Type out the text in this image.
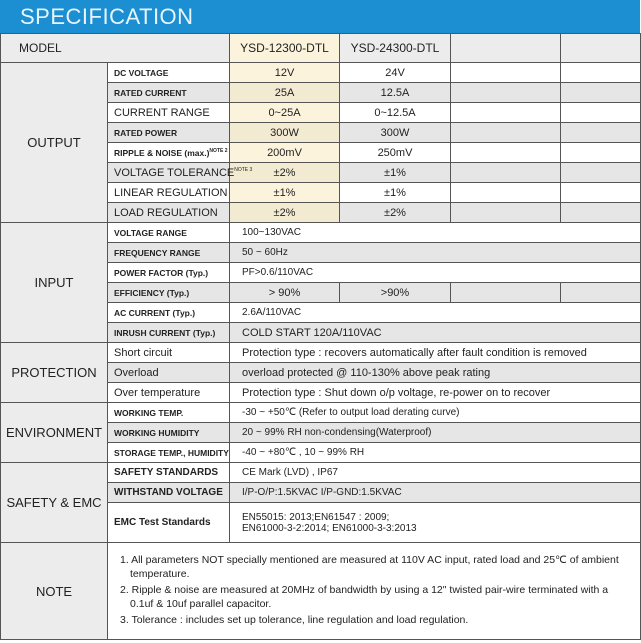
SPECIFICATION
MODEL		YSD-12300-DTL	YSD-24300-DTL		
OUTPUT	DC VOLTAGE	12V	24V		
	RATED CURRENT	25A	12.5A		
	CURRENT RANGE	0~25A	0~12.5A		
	RATED POWER	300W	300W		
	RIPPLE & NOISE $(\max.)^{NOTE 2}$	200mV	250mV		
	VOLTAGE $TOLERANCE^{NOTE 3}$	±2%	±1%		
	LINEAR REGULATION	±1%	±1%		
	LOAD REGULATION	±2%	±2%		
INPUT	VOLTAGE RANGE	100~130VAC			
	FREQUENCY RANGE	50 ~ 60Hz			
	POWER FACTOR (Typ.)	PF>0.6/110VAC			
	EFFICIENCY (Typ.)	> 90%	>90%		
	AC CURRENT (Typ.)	2.6A/110VAC			
	INRUSH CURRENT (Typ.)	COLD START 120A/110VAC			
PROTECTION	Short circuit	Protection type : recovers automatically after fault condition is removed			
	Overload	overload protected @ 110-130% above peak rating			
	Over temperature	Protection type : Shut down o/p voltage, re-power on to recover			
ENVIRONMENT	WORKING TEMP.	-30 ~ +50℃ (Refer to output load derating curve)			
	WORKING HUMIDITY	20 ~ 99% RH non-condensing(Waterproof)			
	STORAGE TEMP., HUMIDITY	-40 ~ +80℃ , 10 ~ 99% RH			
SAFETY & EMC	SAFETY STANDARDS	CE Mark (LVD) , IP67			
	WITHSTAND VOLTAGE	I/P-O/P:1.5KVAC I/P-GND:1.5KVAC			
	EMC Test Standards	EN55015: 2013;EN61547 : 2009;
EN61000-3-2:2014; EN61000-3-3:2013			

NOTE	1. All parameters NOT specially mentioned are measured at 110V AC input, rated load and 25℃ of ambient temperature.
2. Ripple & noise are measured at 20MHz of bandwidth by using a 12" twisted pair-wire terminated with a 0.1uf & 10uf parallel capacitor.
3. Tolerance : includes set up tolerance, line regulation and load regulation.				
